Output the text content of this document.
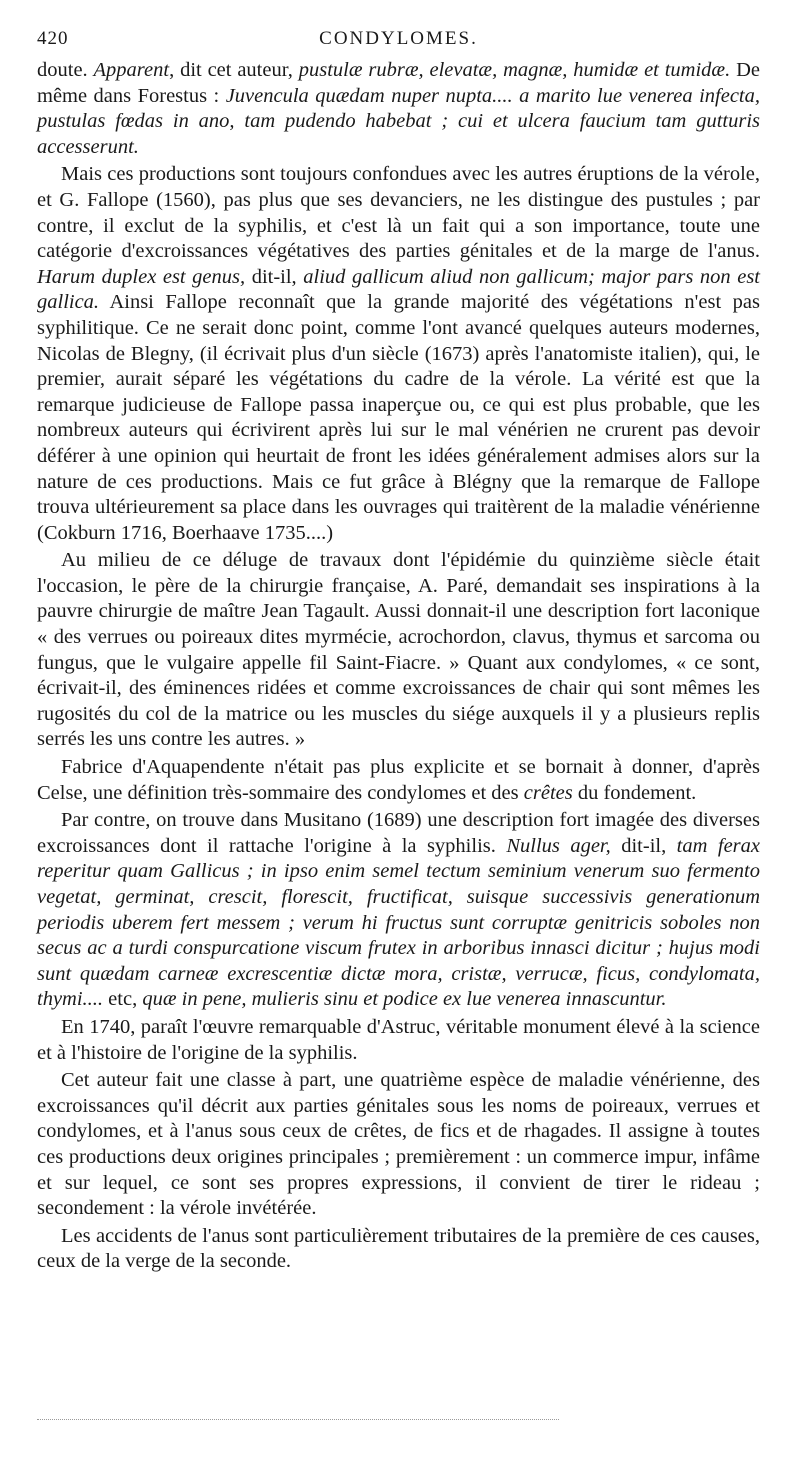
420	CONDYLOMES.

doute. Apparent, dit cet auteur, pustulæ rubræ, elevatæ, magnæ, humidæ et tumidæ. De même dans Forestus : Juvencula quædam nuper nupta.... a marito lue venerea infecta, pustulas fœdas in ano, tam pudendo habebat ; cui et ulcera faucium tam gutturis accesserunt.

Mais ces productions sont toujours confondues avec les autres éruptions de la vérole, et G. Fallope (1560), pas plus que ses devanciers, ne les distingue des pustules ; par contre, il exclut de la syphilis, et c'est là un fait qui a son importance, toute une catégorie d'excroissances végétatives des parties génitales et de la marge de l'anus. Harum duplex est genus, dit-il, aliud gallicum aliud non gallicum; major pars non est gallica. Ainsi Fallope reconnaît que la grande majorité des végétations n'est pas syphilitique. Ce ne serait donc point, comme l'ont avancé quelques auteurs modernes, Nicolas de Blegny, (il écrivait plus d'un siècle (1673) après l'anatomiste italien), qui, le premier, aurait séparé les végétations du cadre de la vérole. La vérité est que la remarque judicieuse de Fallope passa inaperçue ou, ce qui est plus probable, que les nombreux auteurs qui écrivirent après lui sur le mal vénérien ne crurent pas devoir déférer à une opinion qui heurtait de front les idées généralement admises alors sur la nature de ces productions. Mais ce fut grâce à Blégny que la remarque de Fallope trouva ultérieurement sa place dans les ouvrages qui traitèrent de la maladie vénérienne (Cokburn 1716, Boerhaave 1735....)

Au milieu de ce déluge de travaux dont l'épidémie du quinzième siècle était l'occasion, le père de la chirurgie française, A. Paré, demandait ses inspirations à la pauvre chirurgie de maître Jean Tagault. Aussi donnait-il une description fort laconique « des verrues ou poireaux dites myrmécie, acrochordon, clavus, thymus et sarcoma ou fungus, que le vulgaire appelle fil Saint-Fiacre. » Quant aux condylomes, « ce sont, écrivait-il, des éminences ridées et comme excroissances de chair qui sont mêmes les rugosités du col de la matrice ou les muscles du siége auxquels il y a plusieurs replis serrés les uns contre les autres. »

Fabrice d'Aquapendente n'était pas plus explicite et se bornait à donner, d'après Celse, une définition très-sommaire des condylomes et des crêtes du fondement.

Par contre, on trouve dans Musitano (1689) une description fort imagée des diverses excroissances dont il rattache l'origine à la syphilis. Nullus ager, dit-il, tam ferax reperitur quam Gallicus ; in ipso enim semel tectum seminium venerum suo fermento vegetat, germinat, crescit, florescit, fructificat, suisque successivis generationum periodis uberem fert messem ; verum hi fructus sunt corruptæ genitricis soboles non secus ac a turdi conspurcatione viscum frutex in arboribus innasci dicitur ; hujus modi sunt quædam carneæ excrescentiæ dictæ mora, cristæ, verrucæ, ficus, condylomata, thymi.... etc, quæ in pene, mulieris sinu et podice ex lue venerea innascuntur.

En 1740, paraît l'œuvre remarquable d'Astruc, véritable monument élevé à la science et à l'histoire de l'origine de la syphilis.

Cet auteur fait une classe à part, une quatrième espèce de maladie vénérienne, des excroissances qu'il décrit aux parties génitales sous les noms de poireaux, verrues et condylomes, et à l'anus sous ceux de crêtes, de fics et de rhagades. Il assigne à toutes ces productions deux origines principales ; premièrement : un commerce impur, infâme et sur lequel, ce sont ses propres expressions, il convient de tirer le rideau ; secondement : la vérole invétérée.

Les accidents de l'anus sont particulièrement tributaires de la première de ces causes, ceux de la verge de la seconde.
